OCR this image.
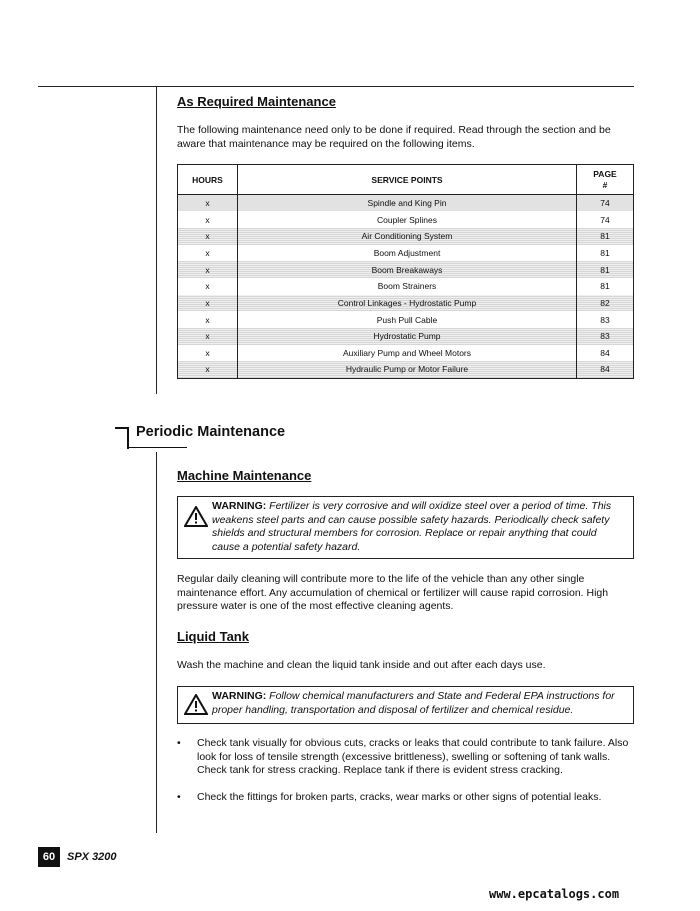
As Required Maintenance
The following maintenance need only to be done if required. Read through the section and be aware that maintenance may be required on the following items.
HOURS	SERVICE POINTS	PAGE #
x	Spindle and King Pin	74
x	Coupler Splines	74
x	Air Conditioning System	81
x	Boom Adjustment	81
x	Boom Breakaways	81
x	Boom Strainers	81
x	Control Linkages - Hydrostatic Pump	82
x	Push Pull Cable	83
x	Hydrostatic Pump	83
x	Auxiliary Pump and Wheel Motors	84
x	Hydraulic Pump or Motor Failure	84
Periodic Maintenance
Machine Maintenance
WARNING: Fertilizer is very corrosive and will oxidize steel over a period of time. This weakens steel parts and can cause possible safety hazards. Periodically check safety shields and structural members for corrosion. Replace or repair anything that could cause a potential safety hazard.
Regular daily cleaning will contribute more to the life of the vehicle than any other single maintenance effort. Any accumulation of chemical or fertilizer will cause rapid corrosion. High pressure water is one of the most effective cleaning agents.
Liquid Tank
Wash the machine and clean the liquid tank inside and out after each days use.
WARNING: Follow chemical manufacturers and State and Federal EPA instructions for proper handling, transportation and disposal of fertilizer and chemical residue.
•	Check tank visually for obvious cuts, cracks or leaks that could contribute to tank failure. Also look for loss of tensile strength (excessive brittleness), swelling or softening of tank walls. Check tank for stress cracking. Replace tank if there is evident stress cracking.
•	Check the fittings for broken parts, cracks, wear marks or other signs of potential leaks.
60	SPX 3200
www.epcatalogs.com
